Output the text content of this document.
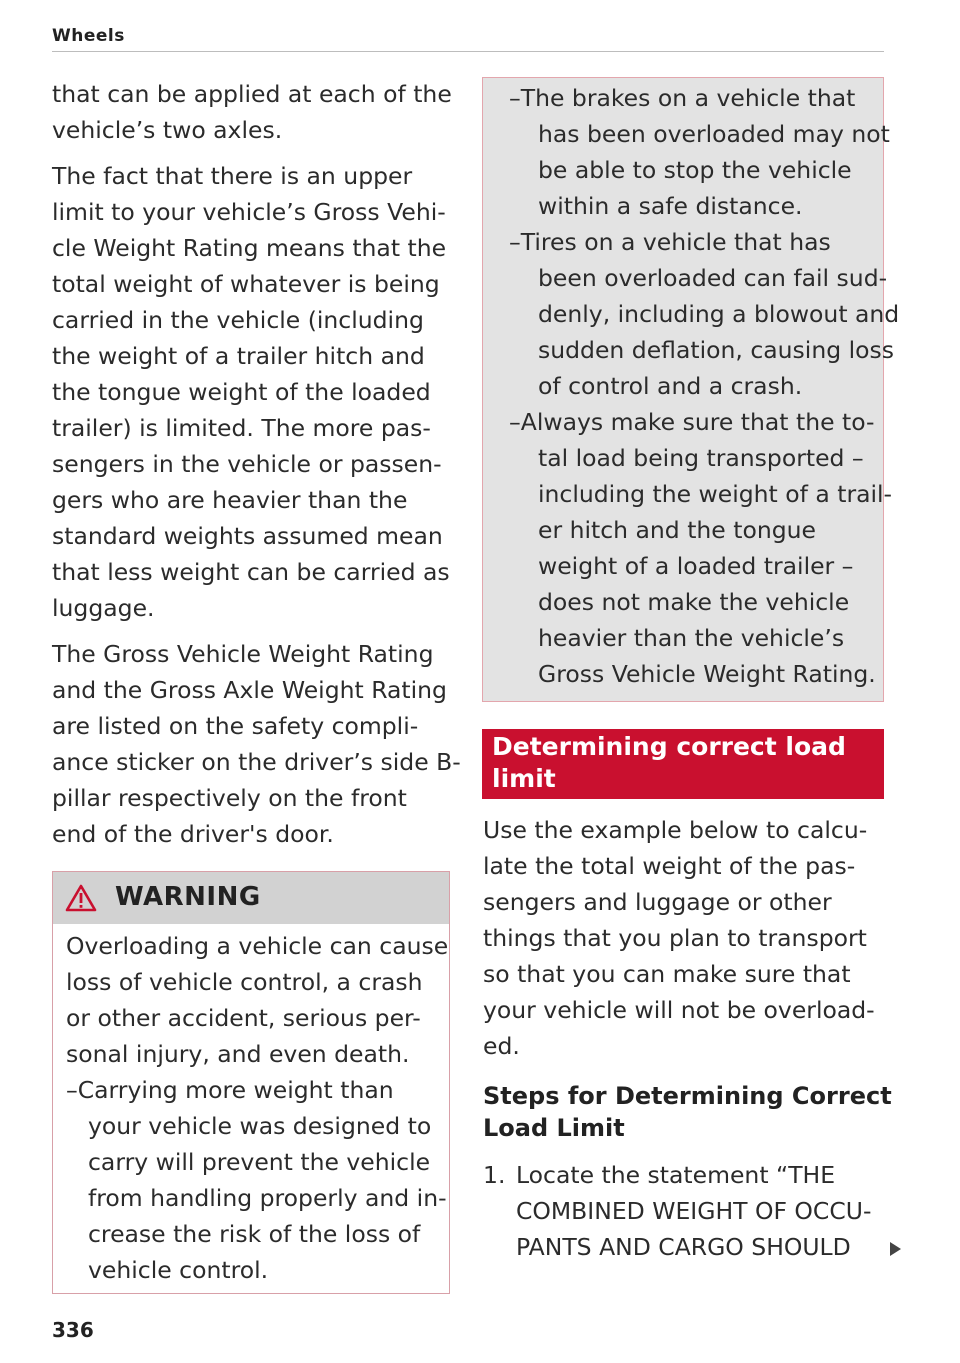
Wheels
that can be applied at each of the
vehicle’s two axles.
The fact that there is an upper
limit to your vehicle’s Gross Vehi-
cle Weight Rating means that the
total weight of whatever is being
carried in the vehicle (including
the weight of a trailer hitch and
the tongue weight of the loaded
trailer) is limited. The more pas-
sengers in the vehicle or passen-
gers who are heavier than the
standard weights assumed mean
that less weight can be carried as
luggage.
The Gross Vehicle Weight Rating
and the Gross Axle Weight Rating
are listed on the safety compli-
ance sticker on the driver’s side B-
pillar respectively on the front
end of the driver's door.
WARNING
Overloading a vehicle can cause
loss of vehicle control, a crash
or other accident, serious per-
sonal injury, and even death.
–Carrying more weight than
your vehicle was designed to
carry will prevent the vehicle
from handling properly and in-
crease the risk of the loss of
vehicle control.
–The brakes on a vehicle that
has been overloaded may not
be able to stop the vehicle
within a safe distance.
–Tires on a vehicle that has
been overloaded can fail sud-
denly, including a blowout and
sudden deflation, causing loss
of control and a crash.
–Always make sure that the to-
tal load being transported –
including the weight of a trail-
er hitch and the tongue
weight of a loaded trailer –
does not make the vehicle
heavier than the vehicle’s
Gross Vehicle Weight Rating.
Determining correct load
limit
Use the example below to calcu-
late the total weight of the pas-
sengers and luggage or other
things that you plan to transport
so that you can make sure that
your vehicle will not be overload-
ed.
Steps for Determining Correct
Load Limit
1. Locate the statement “THE
COMBINED WEIGHT OF OCCU-
PANTS AND CARGO SHOULD
336
